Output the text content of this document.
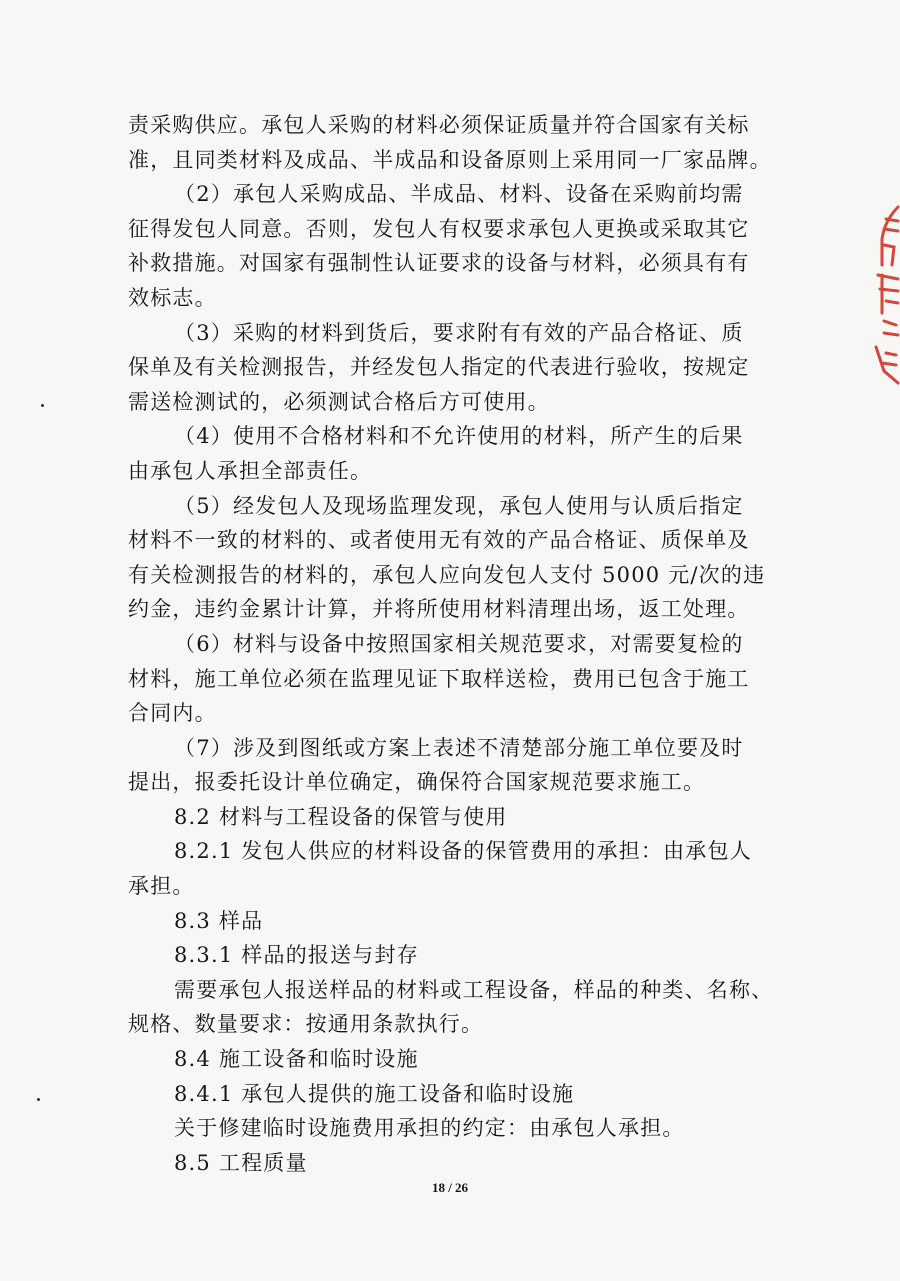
责采购供应。承包人采购的材料必须保证质量并符合国家有关标
准，且同类材料及成品、半成品和设备原则上采用同一厂家品牌。
（2）承包人采购成品、半成品、材料、设备在采购前均需
征得发包人同意。否则，发包人有权要求承包人更换或采取其它
补救措施。对国家有强制性认证要求的设备与材料，必须具有有
效标志。
（3）采购的材料到货后，要求附有有效的产品合格证、质
保单及有关检测报告，并经发包人指定的代表进行验收，按规定
需送检测试的，必须测试合格后方可使用。
（4）使用不合格材料和不允许使用的材料，所产生的后果
由承包人承担全部责任。
（5）经发包人及现场监理发现，承包人使用与认质后指定
材料不一致的材料的、或者使用无有效的产品合格证、质保单及
有关检测报告的材料的，承包人应向发包人支付 5000 元/次的违
约金，违约金累计计算，并将所使用材料清理出场，返工处理。
（6）材料与设备中按照国家相关规范要求，对需要复检的
材料，施工单位必须在监理见证下取样送检，费用已包含于施工
合同内。
（7）涉及到图纸或方案上表述不清楚部分施工单位要及时
提出，报委托设计单位确定，确保符合国家规范要求施工。
8.2 材料与工程设备的保管与使用
8.2.1 发包人供应的材料设备的保管费用的承担：由承包人
承担。
8.3 样品
8.3.1 样品的报送与封存
需要承包人报送样品的材料或工程设备，样品的种类、名称、
规格、数量要求：按通用条款执行。
8.4 施工设备和临时设施
8.4.1 承包人提供的施工设备和临时设施
关于修建临时设施费用承担的约定：由承包人承担。
8.5 工程质量
18 / 26
